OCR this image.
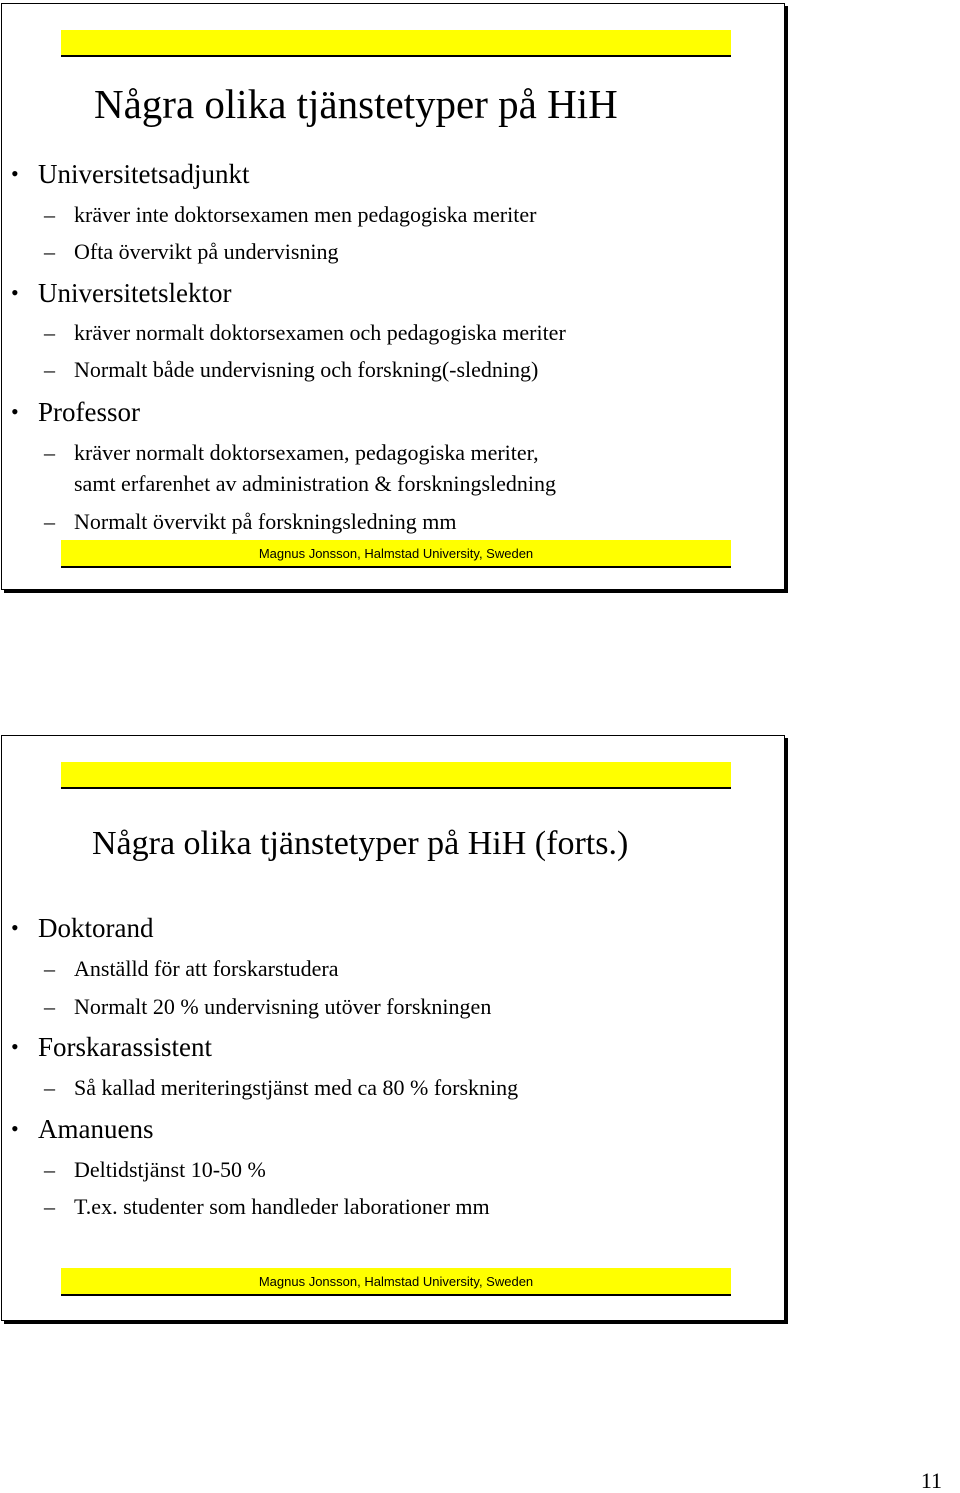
Några olika tjänstetyper på HiH
• Universitetsadjunkt
– kräver inte doktorsexamen men pedagogiska meriter
– Ofta övervikt på undervisning
• Universitetslektor
– kräver normalt doktorsexamen och pedagogiska meriter
– Normalt både undervisning och forskning(-sledning)
• Professor
– kräver normalt doktorsexamen, pedagogiska meriter,
samt erfarenhet av administration & forskningsledning
– Normalt övervikt på forskningsledning mm
Magnus Jonsson, Halmstad University, Sweden
Några olika tjänstetyper på HiH (forts.)
• Doktorand
– Anställd för att forskarstudera
– Normalt 20 % undervisning utöver forskningen
• Forskarassistent
– Så kallad meriteringstjänst med ca 80 % forskning
• Amanuens
– Deltidstjänst 10-50 %
– T.ex. studenter som handleder laborationer mm
Magnus Jonsson, Halmstad University, Sweden
11
